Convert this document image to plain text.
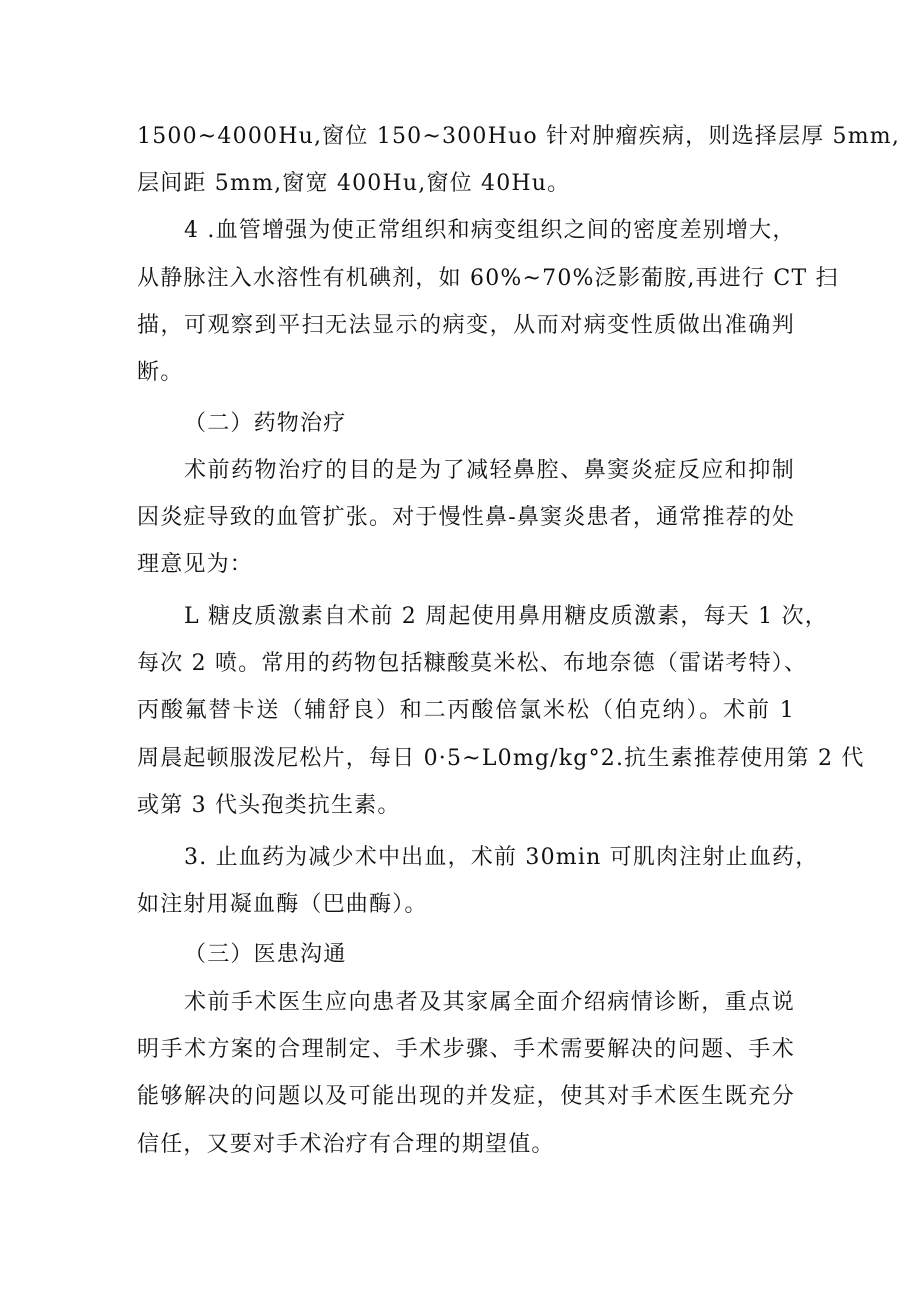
1500~4000Hu,窗位 150~300Huo 针对肿瘤疾病，则选择层厚 5mm,
层间距 5mm,窗宽 400Hu,窗位 40Hu。
4 .血管增强为使正常组织和病变组织之间的密度差别增大，
从静脉注入水溶性有机碘剂，如 60%~70%泛影葡胺,再进行 CT 扫
描，可观察到平扫无法显示的病变，从而对病变性质做出准确判
断。
（二）药物治疗
术前药物治疗的目的是为了减轻鼻腔、鼻窦炎症反应和抑制
因炎症导致的血管扩张。对于慢性鼻-鼻窦炎患者，通常推荐的处
理意见为：
L 糖皮质激素自术前 2 周起使用鼻用糖皮质激素，每天 1 次，
每次 2 喷。常用的药物包括糠酸莫米松、布地奈德（雷诺考特）、
丙酸氟替卡送（辅舒良）和二丙酸倍氯米松（伯克纳）。术前 1
周晨起顿服泼尼松片，每日 0·5~L0mg/kg°2.抗生素推荐使用第 2 代
或第 3 代头孢类抗生素。
3. 止血药为减少术中出血，术前 30min 可肌肉注射止血药，
如注射用凝血酶（巴曲酶）。
（三）医患沟通
术前手术医生应向患者及其家属全面介绍病情诊断，重点说
明手术方案的合理制定、手术步骤、手术需要解决的问题、手术
能够解决的问题以及可能出现的并发症，使其对手术医生既充分
信任，又要对手术治疗有合理的期望值。
